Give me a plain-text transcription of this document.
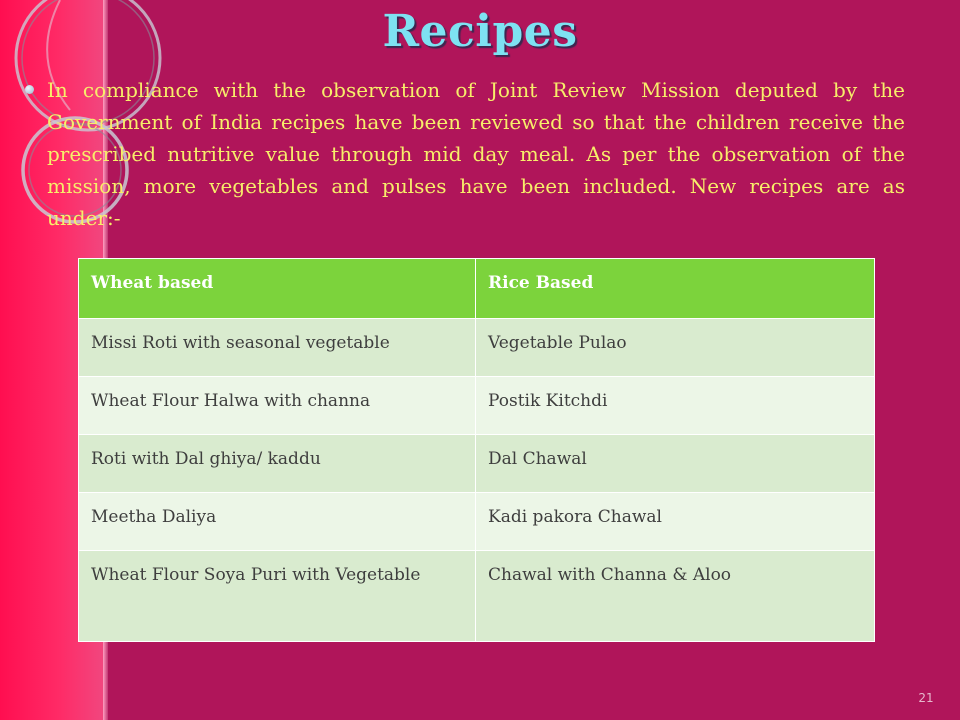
Recipes
In compliance with the observation of Joint Review Mission deputed by the Government of India recipes have been reviewed so that the children receive the prescribed nutritive value through mid day meal. As per the observation of the mission, more vegetables and pulses have been included. New recipes are as under:-
Wheat based	Rice Based
Missi Roti with seasonal vegetable	Vegetable Pulao
Wheat Flour Halwa with channa	Postik Kitchdi
Roti with Dal ghiya/ kaddu	Dal Chawal
Meetha Daliya	Kadi pakora Chawal
Wheat Flour Soya Puri with Vegetable	Chawal with Channa & Aloo
21
